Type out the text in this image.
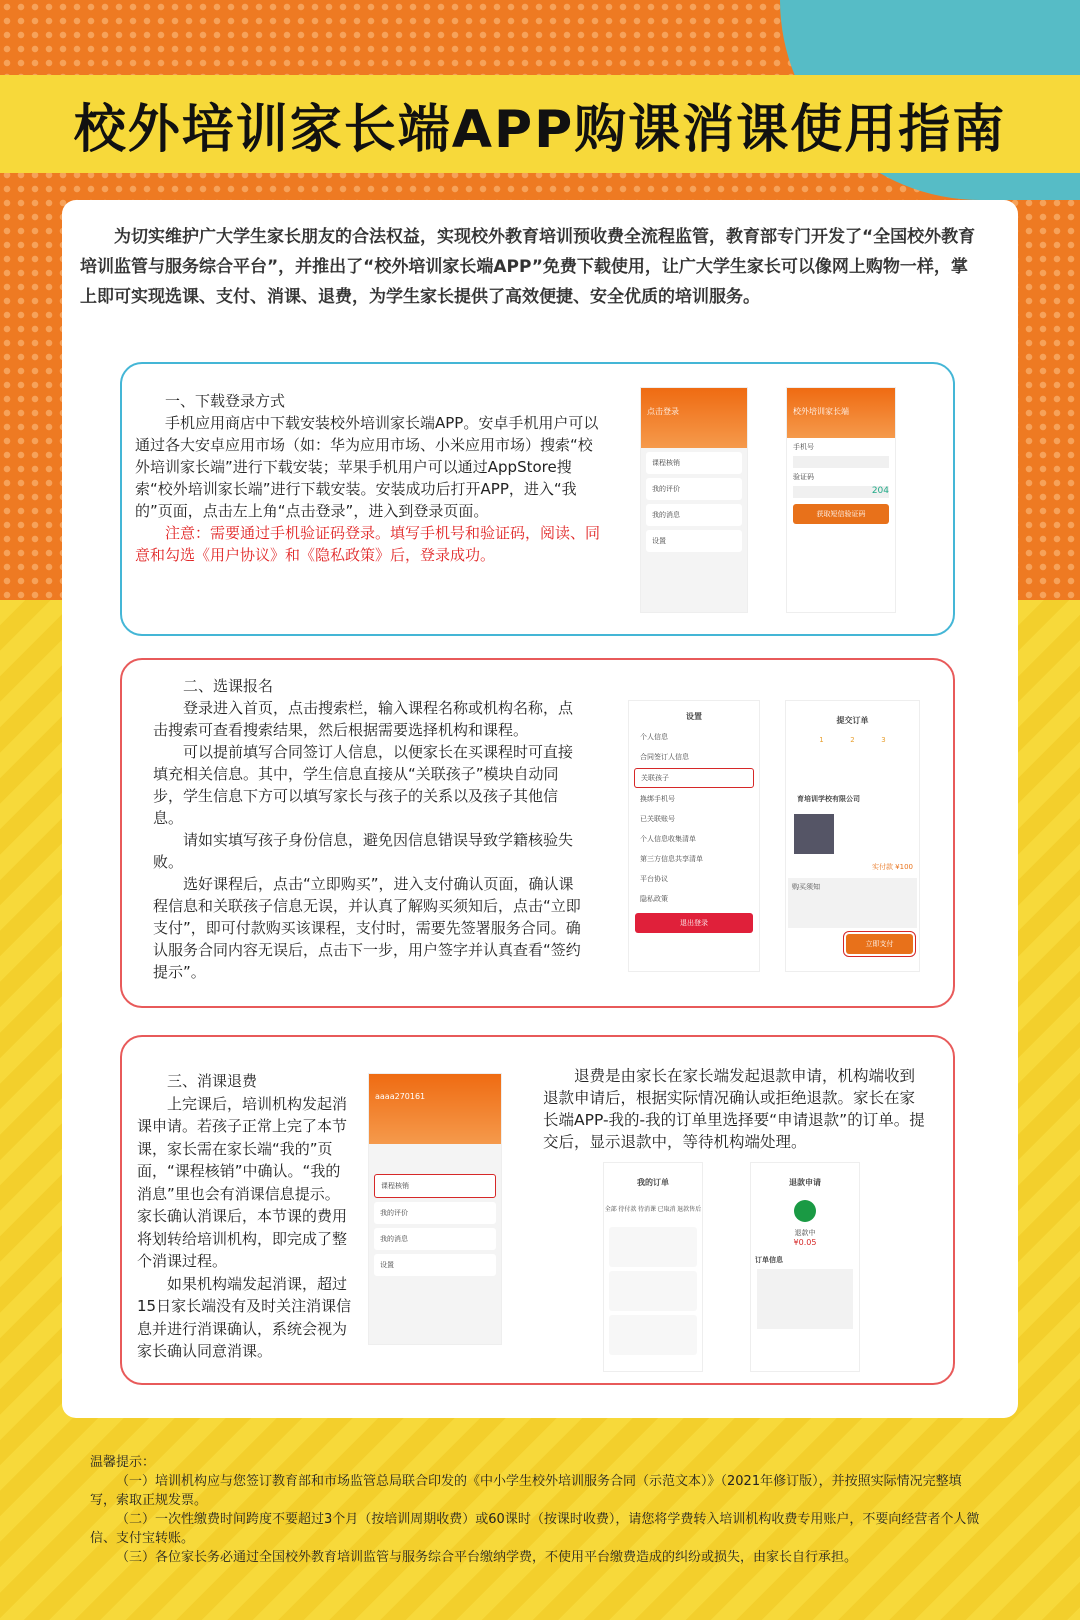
校外培训家长端APP购课消课使用指南

为切实维护广大学生家长朋友的合法权益，实现校外教育培训预收费全流程监管，教育部专门开发了“全国校外教育培训监管与服务综合平台”，并推出了“校外培训家长端APP”免费下载使用，让广大学生家长可以像网上购物一样，掌上即可实现选课、支付、消课、退费，为学生家长提供了高效便捷、安全优质的培训服务。

一、下载登录方式

手机应用商店中下载安装校外培训家长端APP。安卓手机用户可以通过各大安卓应用市场（如：华为应用市场、小米应用市场）搜索“校外培训家长端”进行下载安装；苹果手机用户可以通过AppStore搜索“校外培训家长端”进行下载安装。安装成功后打开APP，进入“我的”页面，点击左上角“点击登录”，进入到登录页面。

注意：需要通过手机验证码登录。填写手机号和验证码，阅读、同意和勾选《用户协议》和《隐私政策》后，登录成功。

点击登录
课程核销
我的评价
我的消息
设置
校外培训家长端
手机号
验证码
204
获取短信验证码

二、选课报名

登录进入首页，点击搜索栏，输入课程名称或机构名称，点击搜索可查看搜索结果，然后根据需要选择机构和课程。

可以提前填写合同签订人信息，以便家长在买课程时可直接填充相关信息。其中，学生信息直接从“关联孩子”模块自动同步，学生信息下方可以填写家长与孩子的关系以及孩子其他信息。

请如实填写孩子身份信息，避免因信息错误导致学籍核验失败。

选好课程后，点击“立即购买”，进入支付确认页面，确认课程信息和关联孩子信息无误，并认真了解购买须知后，点击“立即支付”，即可付款购买该课程，支付时，需要先签署服务合同。确认服务合同内容无误后，点击下一步，用户签字并认真查看“签约提示”。

设置
个人信息
合同签订人信息
关联孩子
换绑手机号
已关联账号
个人信息收集清单
第三方信息共享清单
平台协议
隐私政策
退出登录
提交订单
1	2	3
育培训学校有限公司
实付款 ¥100
购买须知
立即支付

三、消课退费

上完课后，培训机构发起消课申请。若孩子正常上完了本节课，家长需在家长端“我的”页面，“课程核销”中确认。“我的消息”里也会有消课信息提示。家长确认消课后，本节课的费用将划转给培训机构，即完成了整个消课过程。

如果机构端发起消课，超过15日家长端没有及时关注消课信息并进行消课确认，系统会视为家长确认同意消课。

aaaa270161
课程核销
我的评价
我的消息
设置

退费是由家长在家长端发起退款申请，机构端收到退款申请后，根据实际情况确认或拒绝退款。家长在家长端APP-我的-我的订单里选择要“申请退款”的订单。提交后，显示退款中，等待机构端处理。

我的订单
全部 待付款 待消课 已取消 退款售后
退款申请
退款中
¥0.05
订单信息
温馨提示：

（一）培训机构应与您签订教育部和市场监管总局联合印发的《中小学生校外培训服务合同（示范文本）》（2021年修订版），并按照实际情况完整填写，索取正规发票。

（二）一次性缴费时间跨度不要超过3个月（按培训周期收费）或60课时（按课时收费），请您将学费转入培训机构收费专用账户，不要向经营者个人微信、支付宝转账。

（三）各位家长务必通过全国校外教育培训监管与服务综合平台缴纳学费，不使用平台缴费造成的纠纷或损失，由家长自行承担。
